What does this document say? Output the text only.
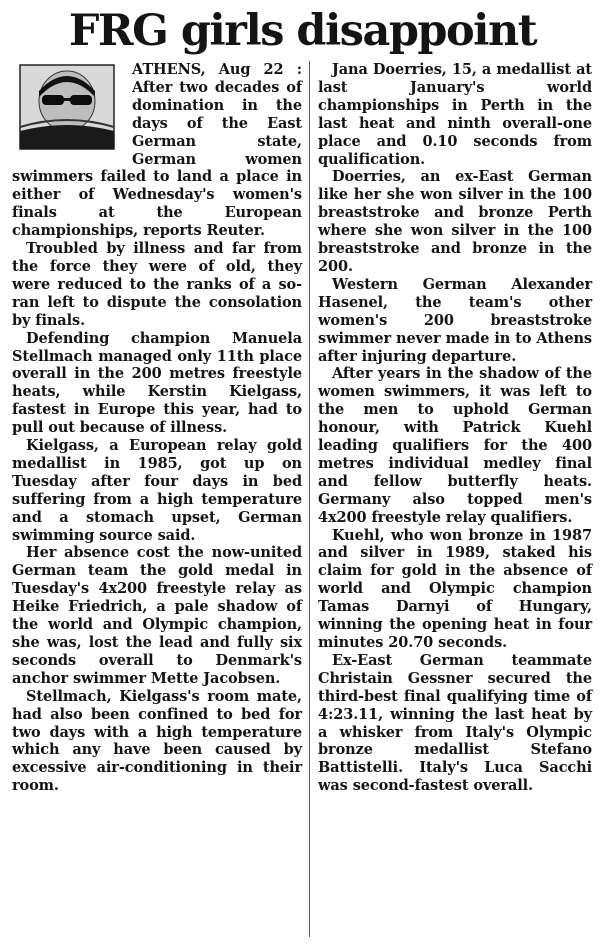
FRG girls disappoint

ATHENS, Aug 22 : After two decades of domination in the days of the East German state, German women swimmers failed to land a place in either of Wednesday's women's finals at the European championships, reports Reuter.

Troubled by illness and far from the force they were of old, they were reduced to the ranks of a so-ran left to dispute the consolation by finals.

Defending champion Manuela Stellmach managed only 11th place overall in the 200 metres freestyle heats, while Kerstin Kielgass, fastest in Europe this year, had to pull out because of illness.

Kielgass, a European relay gold medallist in 1985, got up on Tuesday after four days in bed suffering from a high temperature and a stomach upset, German swimming source said.

Her absence cost the now-united German team the gold medal in Tuesday's 4x200 freestyle relay as Heike Friedrich, a pale shadow of the world and Olympic champion, she was, lost the lead and fully six seconds overall to Denmark's anchor swimmer Mette Jacobsen.

Stellmach, Kielgass's room mate, had also been confined to bed for two days with a high temperature which any have been caused by excessive air-conditioning in their room.

Jana Doerries, 15, a medallist at last January's world championships in Perth in the last heat and ninth overall-one place and 0.10 seconds from qualification.

Doerries, an ex-East German like her she won silver in the 100 breaststroke and bronze Perth where she won silver in the 100 breaststroke and bronze in the 200.

Western German Alexander Hasenel, the team's other women's 200 breaststroke swimmer never made in to Athens after injuring departure.

After years in the shadow of the women swimmers, it was left to the men to uphold German honour, with Patrick Kuehl leading qualifiers for the 400 metres individual medley final and fellow butterfly heats. Germany also topped men's 4x200 freestyle relay qualifiers.

Kuehl, who won bronze in 1987 and silver in 1989, staked his claim for gold in the absence of world and Olympic champion Tamas Darnyi of Hungary, winning the opening heat in four minutes 20.70 seconds.

Ex-East German teammate Christain Gessner secured the third-best final qualifying time of 4:23.11, winning the last heat by a whisker from Italy's Olympic bronze medallist Stefano Battistelli. Italy's Luca Sacchi was second-fastest overall.
